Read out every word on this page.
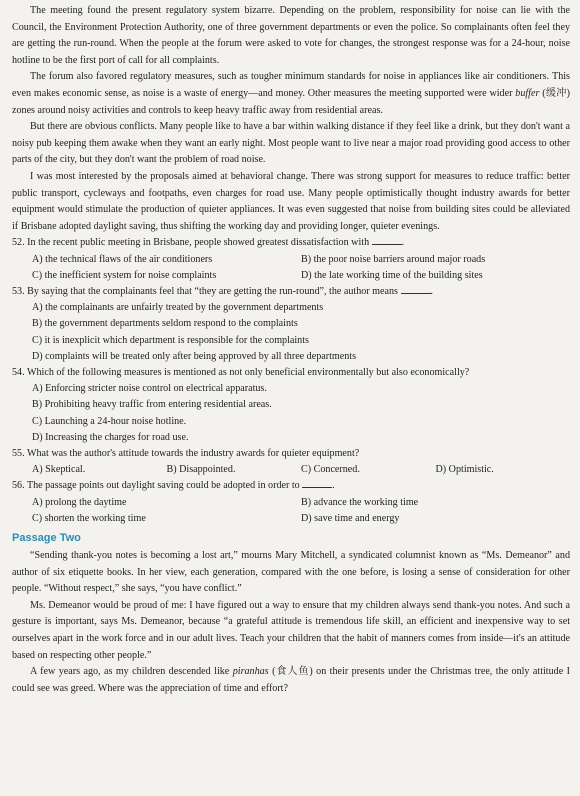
The meeting found the present regulatory system bizarre. Depending on the problem, responsibility for noise can lie with the Council, the Environment Protection Authority, one of three government departments or even the police. So complainants often feel they are getting the run-round. When the people at the forum were asked to vote for changes, the strongest response was for a 24-hour, noise hotline to be the first port of call for all complaints.

The forum also favored regulatory measures, such as tougher minimum standards for noise in appliances like air conditioners. This even makes economic sense, as noise is a waste of energy—and money. Other measures the meeting supported were wider buffer (缓冲) zones around noisy activities and controls to keep heavy traffic away from residential areas.

But there are obvious conflicts. Many people like to have a bar within walking distance if they feel like a drink, but they don't want a noisy pub keeping them awake when they want an early night. Most people want to live near a major road providing good access to other parts of the city, but they don't want the problem of road noise.

I was most interested by the proposals aimed at behavioral change. There was strong support for measures to reduce traffic: better public transport, cycleways and footpaths, even charges for road use. Many people optimistically thought industry awards for better equipment would stimulate the production of quieter appliances. It was even suggested that noise from building sites could be alleviated if Brisbane adopted daylight saving, thus shifting the working day and providing longer, quieter evenings.

52. In the recent public meeting in Brisbane, people showed greatest dissatisfaction with	.
A) the technical flaws of the air conditioners	B) the poor noise barriers around major roads
C) the inefficient system for noise complaints	D) the late working time of the building sites
53. By saying that the complainants feel that “they are getting the run-round”, the author means	.
A) the complainants are unfairly treated by the government departments
B) the government departments seldom respond to the complaints
C) it is inexplicit which department is responsible for the complaints
D) complaints will be treated only after being approved by all three departments
54. Which of the following measures is mentioned as not only beneficial environmentally but also economically?
A) Enforcing stricter noise control on electrical apparatus.
B) Prohibiting heavy traffic from entering residential areas.
C) Launching a 24-hour noise hotline.
D) Increasing the charges for road use.
55. What was the author's attitude towards the industry awards for quieter equipment?
A) Skeptical.	B) Disappointed.	C) Concerned.	D) Optimistic.
56. The passage points out daylight saving could be adopted in order to	.
A) prolong the daytime	B) advance the working time
C) shorten the working time	D) save time and energy
Passage Two

“Sending thank-you notes is becoming a lost art,” mourns Mary Mitchell, a syndicated columnist known as “Ms. Demeanor” and author of six etiquette books. In her view, each generation, compared with the one before, is losing a sense of consideration for other people. “Without respect,” she says, “you have conflict.”

Ms. Demeanor would be proud of me: I have figured out a way to ensure that my children always send thank-you notes. And such a gesture is important, says Ms. Demeanor, because “a grateful attitude is tremendous life skill, an efficient and inexpensive way to set ourselves apart in the work force and in our adult lives. Teach your children that the habit of manners comes from inside—it's an attitude based on respecting other people.”

A few years ago, as my children descended like piranhas (食人鱼) on their presents under the Christmas tree, the only attitude I could see was greed. Where was the appreciation of time and effort?
